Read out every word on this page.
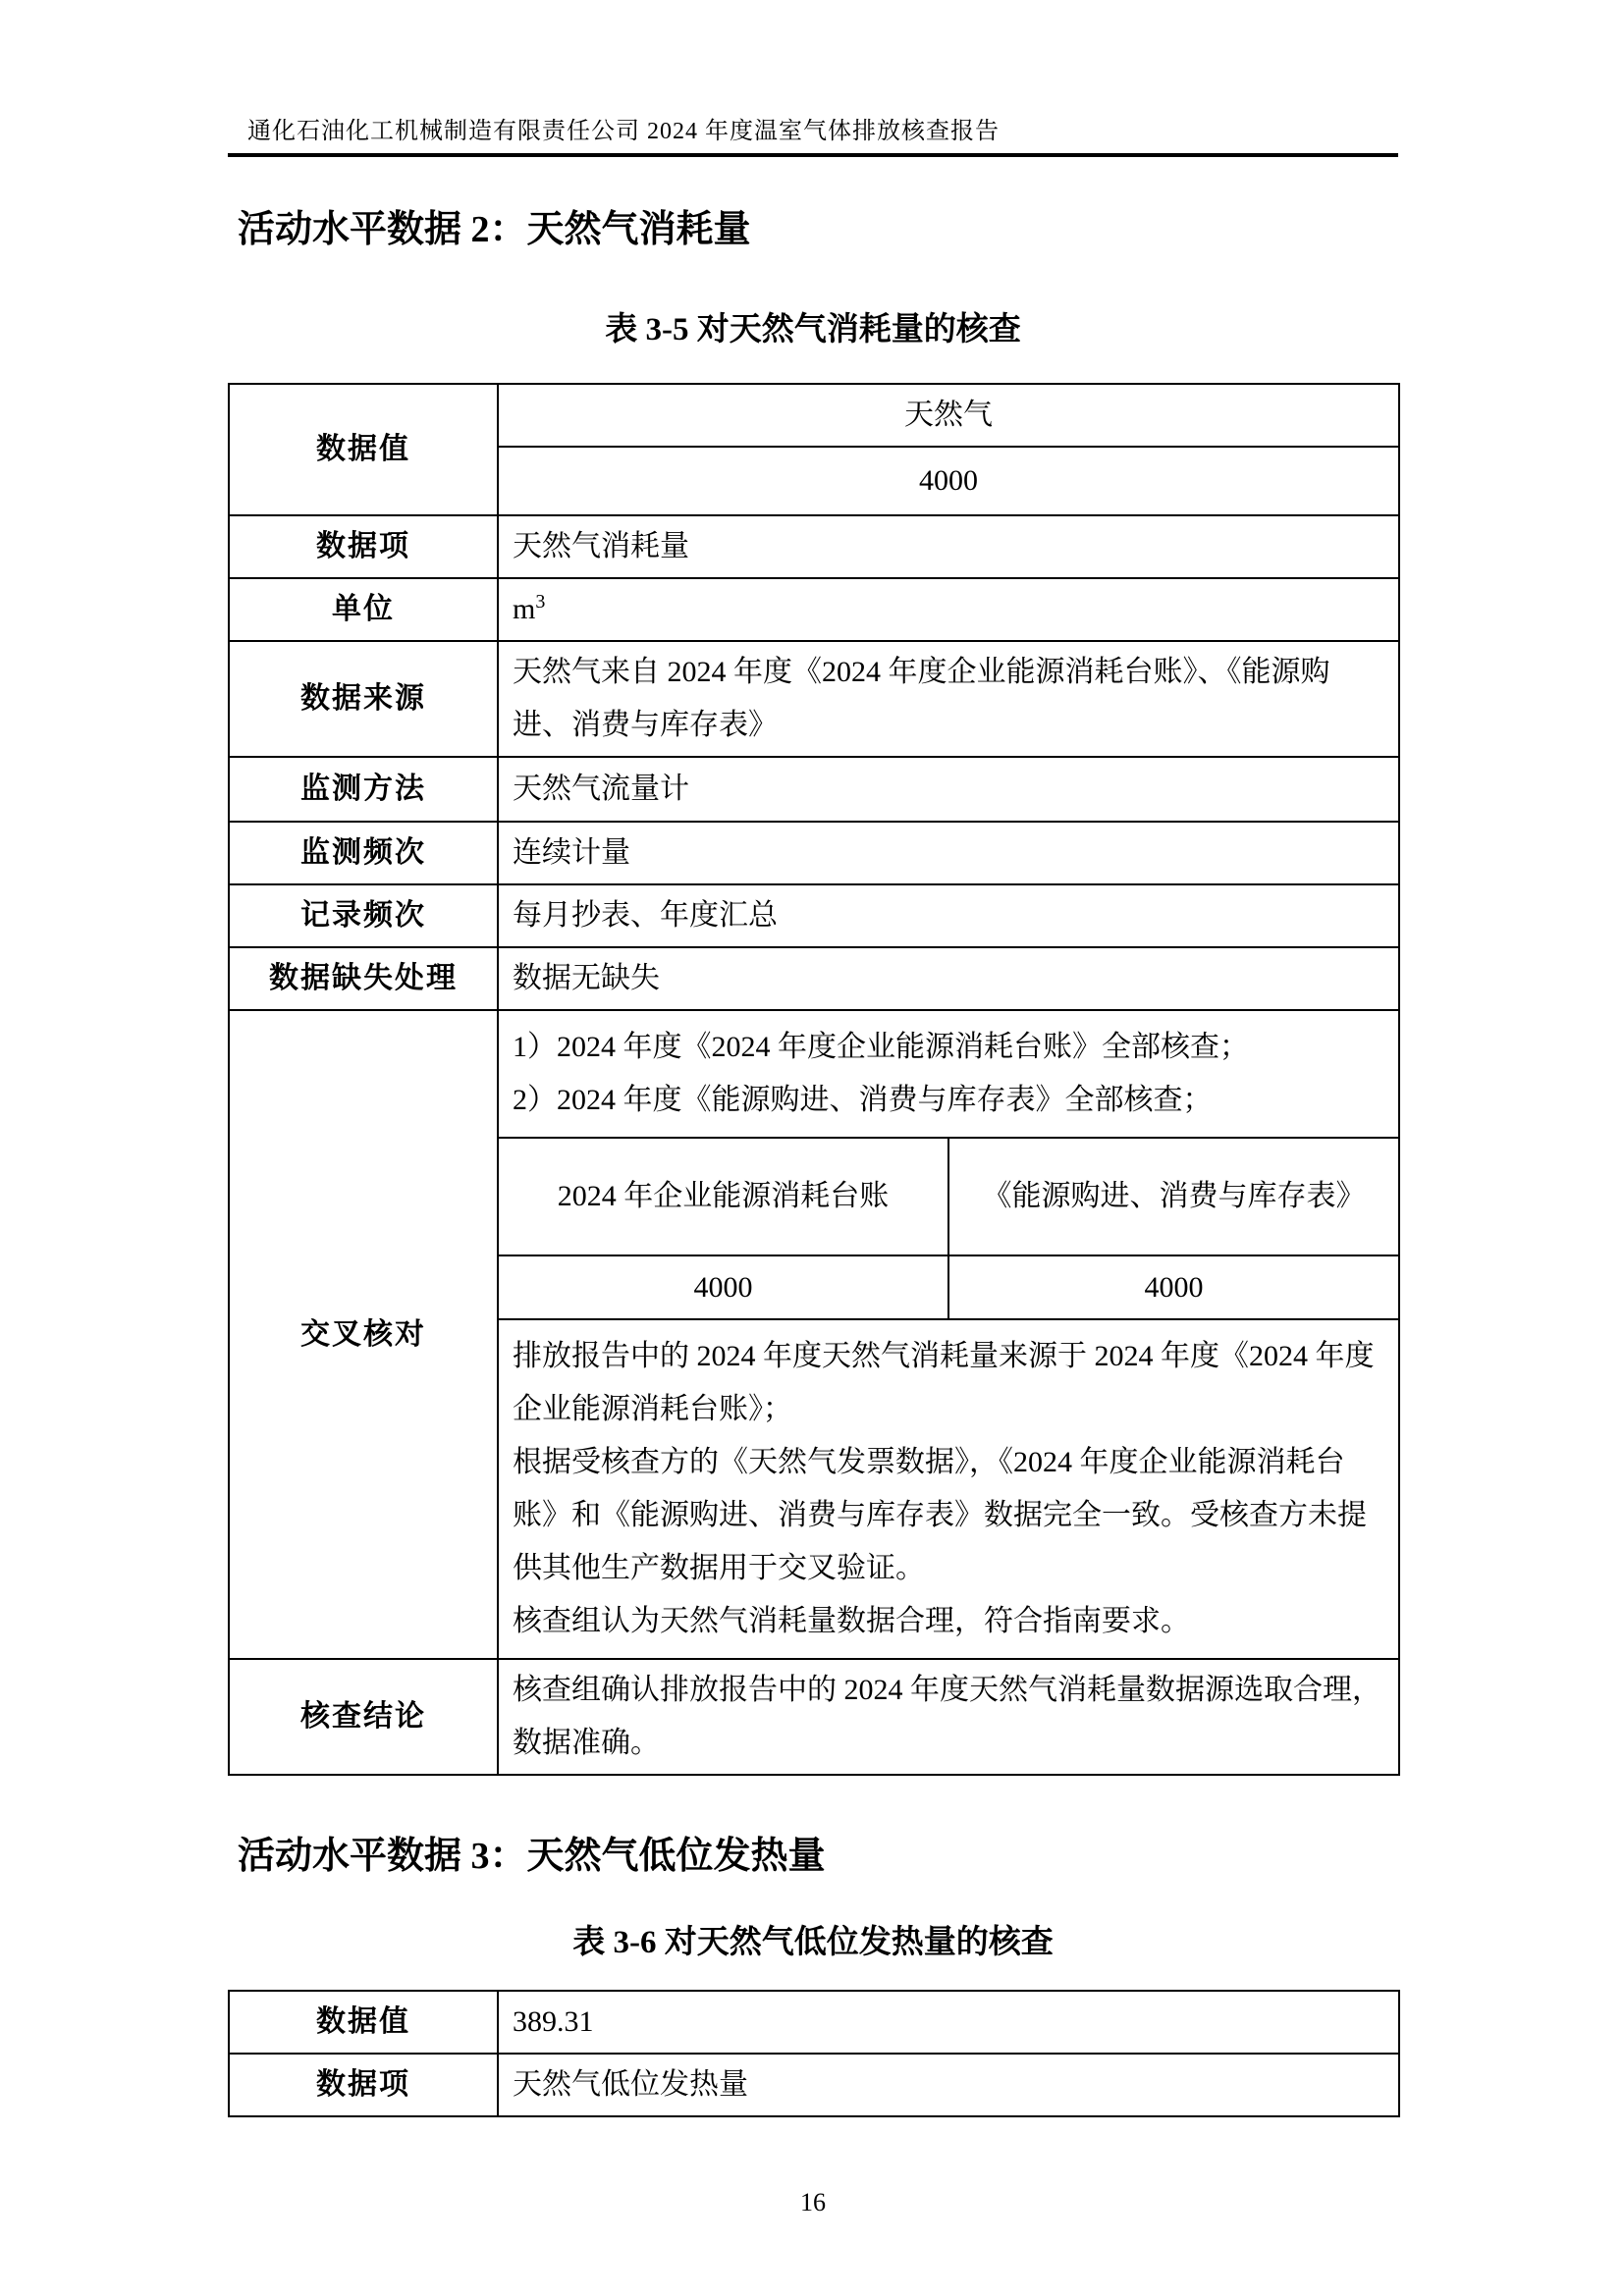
通化石油化工机械制造有限责任公司 2024 年度温室气体排放核查报告
活动水平数据 2：天然气消耗量
表 3-5 对天然气消耗量的核查
数据值	天然气	
	4000	
数据项	天然气消耗量	
单位	$m^3$
数据来源	天然气来自 2024 年度《2024 年度企业能源消耗台账》、《能源购进、消费与库存表》	
监测方法	天然气流量计	
监测频次	连续计量	
记录频次	每月抄表、年度汇总	
数据缺失处理	数据无缺失	
交叉核对	1）2024 年度《2024 年度企业能源消耗台账》全部核查；
2）2024 年度《能源购进、消费与库存表》全部核查；	

	2024 年企业能源消耗台账	《能源购进、消费与库存表》
	4000	4000

	排放报告中的 2024 年度天然气消耗量来源于 2024 年度《2024 年度企业能源消耗台账》；
根据受核查方的《天然气发票数据》，《2024 年度企业能源消耗台账》和《能源购进、消费与库存表》数据完全一致。受核查方未提供其他生产数据用于交叉验证。
核查组认为天然气消耗量数据合理，符合指南要求。	

核查结论	核查组确认排放报告中的 2024 年度天然气消耗量数据源选取合理，数据准确。	
活动水平数据 3：天然气低位发热量
表 3-6 对天然气低位发热量的核查
数据值	389.31
数据项	天然气低位发热量
16
